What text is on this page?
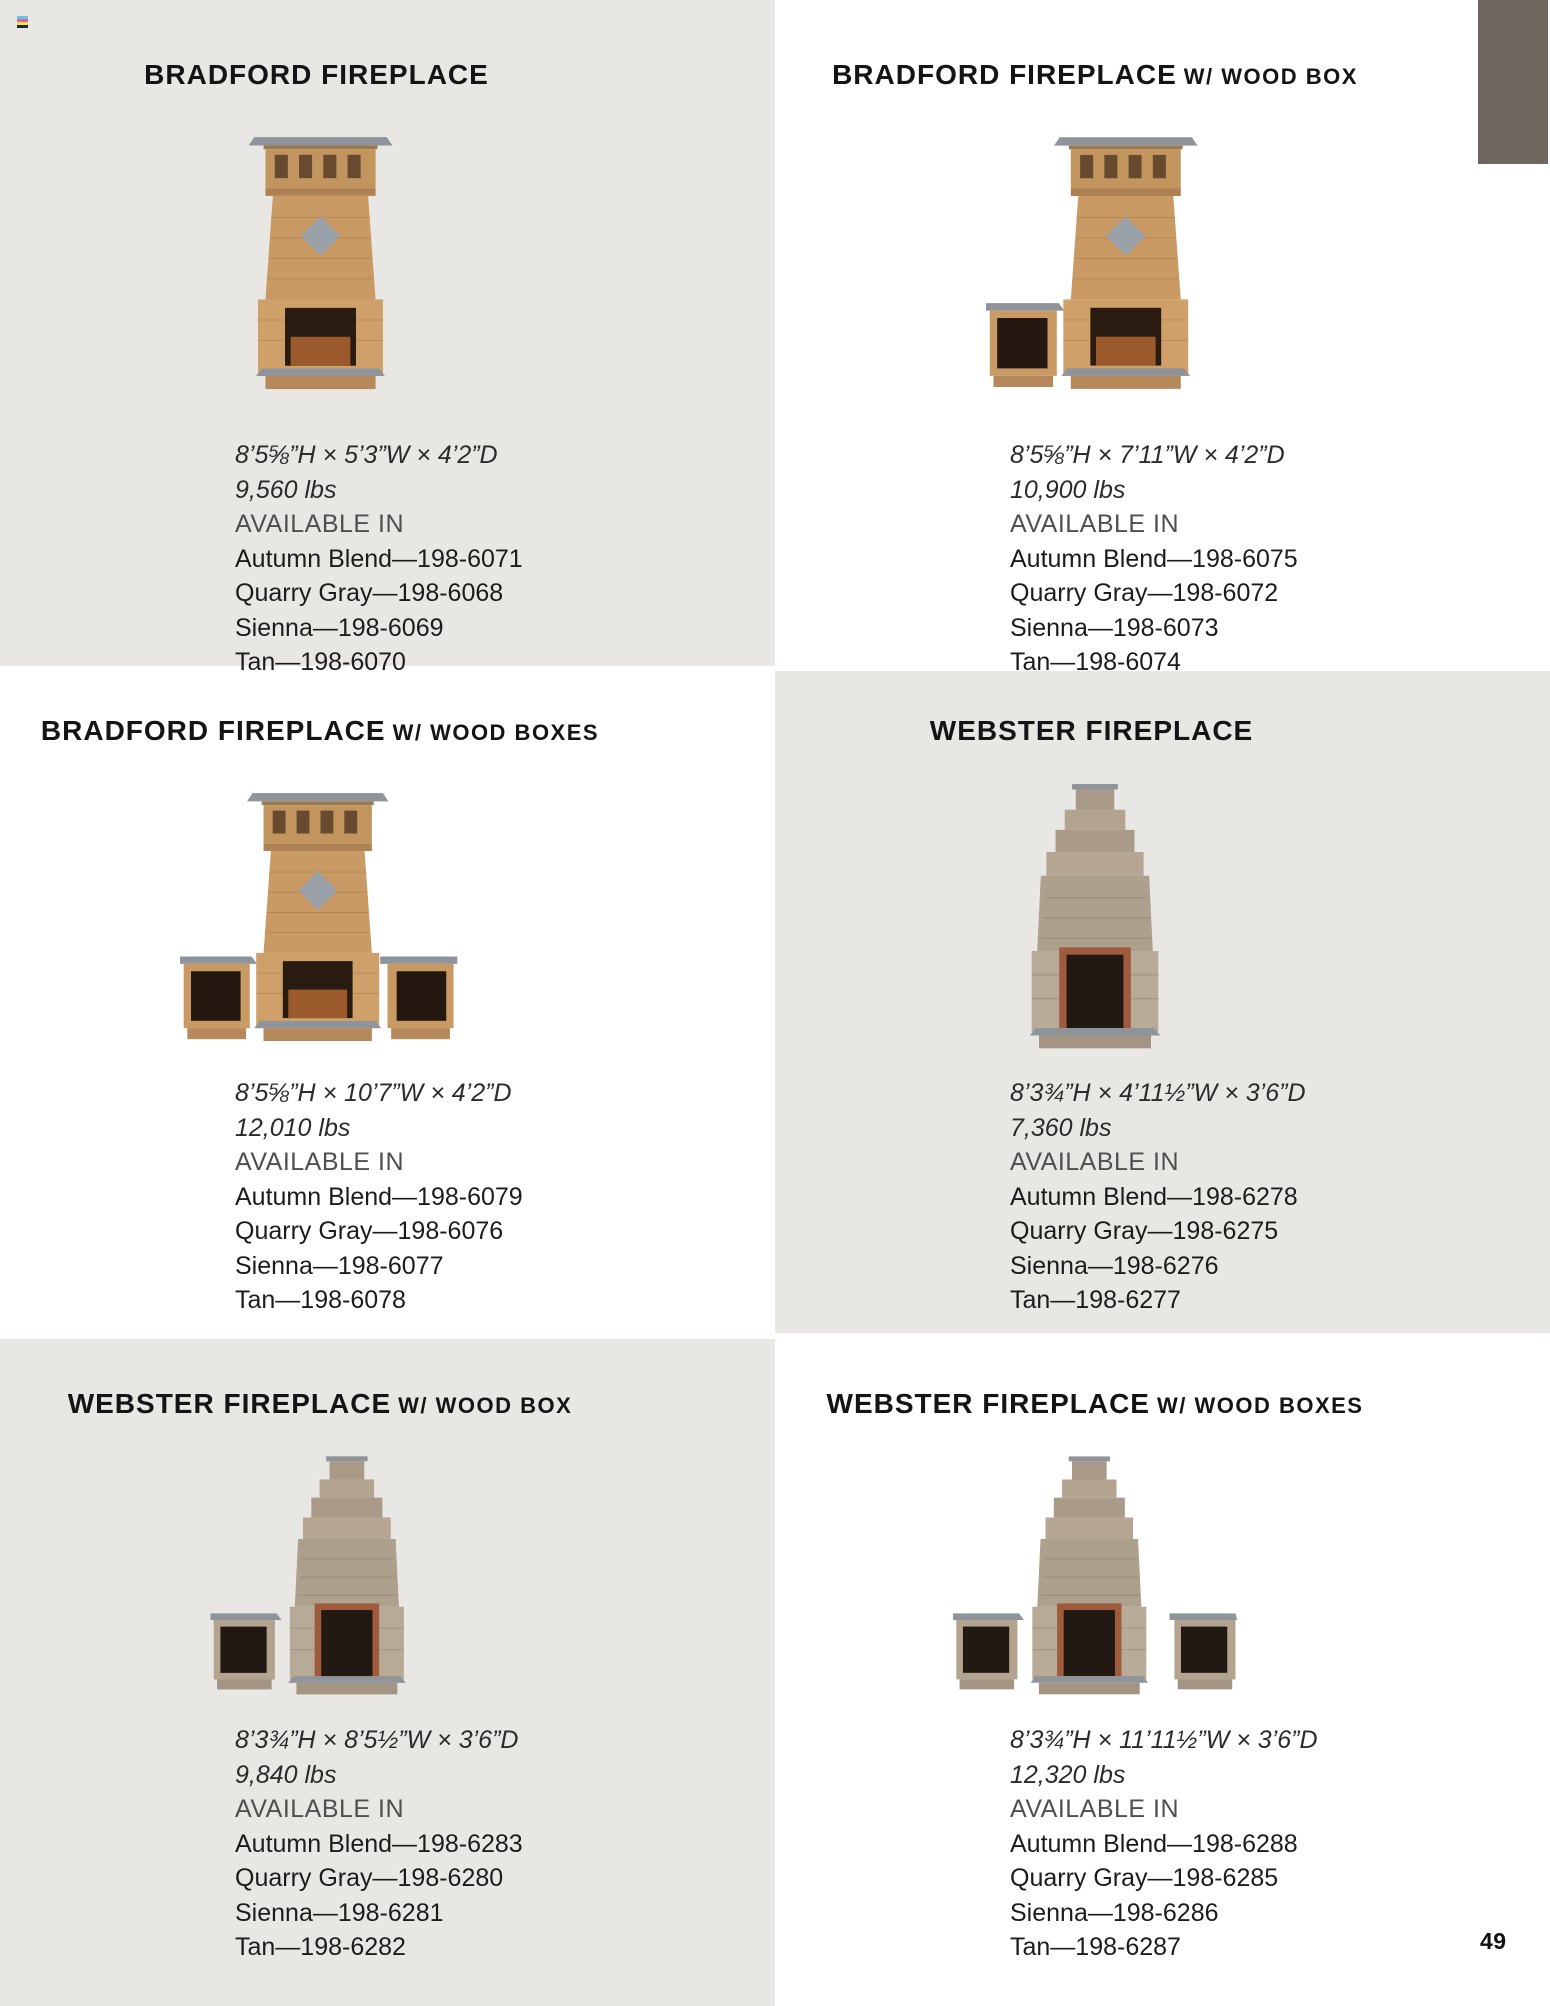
BRADFORD FIREPLACE
8’5⅝”H × 5’3”W × 4’2”D
9,560 lbs
AVAILABLE IN
Autumn Blend—198-6071
Quarry Gray—198-6068
Sienna—198-6069
Tan—198-6070
BRADFORD FIREPLACE W/ WOOD BOX
8’5⅝”H × 7’11”W × 4’2”D
10,900 lbs
AVAILABLE IN
Autumn Blend—198-6075
Quarry Gray—198-6072
Sienna—198-6073
Tan—198-6074
BRADFORD FIREPLACE W/ WOOD BOXES
8’5⅝”H × 10’7”W × 4’2”D
12,010 lbs
AVAILABLE IN
Autumn Blend—198-6079
Quarry Gray—198-6076
Sienna—198-6077
Tan—198-6078
WEBSTER FIREPLACE
8’3¾”H × 4’11½”W × 3’6”D
7,360 lbs
AVAILABLE IN
Autumn Blend—198-6278
Quarry Gray—198-6275
Sienna—198-6276
Tan—198-6277
WEBSTER FIREPLACE W/ WOOD BOX
8’3¾”H × 8’5½”W × 3’6”D
9,840 lbs
AVAILABLE IN
Autumn Blend—198-6283
Quarry Gray—198-6280
Sienna—198-6281
Tan—198-6282
WEBSTER FIREPLACE W/ WOOD BOXES
8’3¾”H × 11’11½”W × 3’6”D
12,320 lbs
AVAILABLE IN
Autumn Blend—198-6288
Quarry Gray—198-6285
Sienna—198-6286
Tan—198-6287	49
